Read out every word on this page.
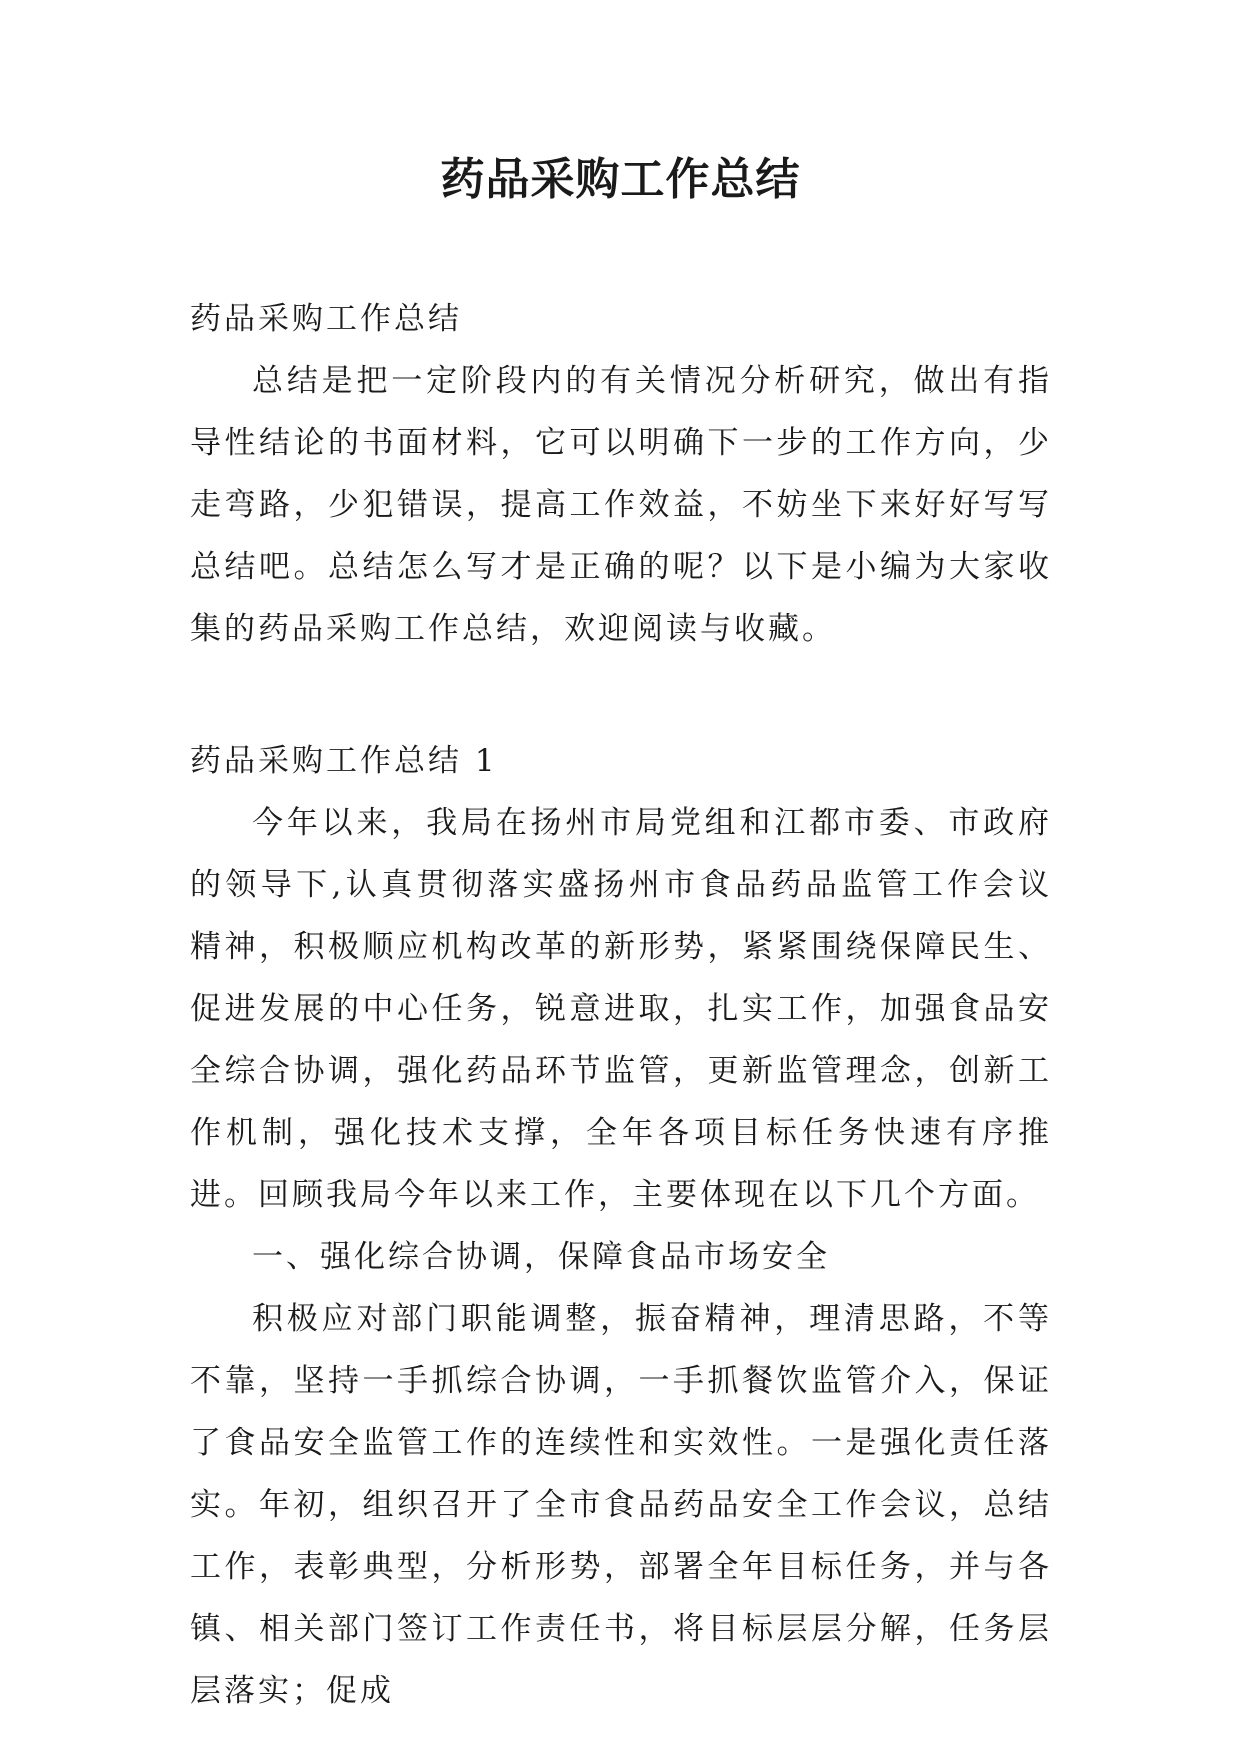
药品采购工作总结

药品采购工作总结

总结是把一定阶段内的有关情况分析研究，做出有指导性结论的书面材料，它可以明确下一步的工作方向，少走弯路，少犯错误，提高工作效益，不妨坐下来好好写写总结吧。总结怎么写才是正确的呢？以下是小编为大家收集的药品采购工作总结，欢迎阅读与收藏。

药品采购工作总结 1

今年以来，我局在扬州市局党组和江都市委、市政府的领导下,认真贯彻落实盛扬州市食品药品监管工作会议精神，积极顺应机构改革的新形势，紧紧围绕保障民生、促进发展的中心任务，锐意进取，扎实工作，加强食品安全综合协调，强化药品环节监管，更新监管理念，创新工作机制，强化技术支撑，全年各项目标任务快速有序推进。回顾我局今年以来工作，主要体现在以下几个方面。

一、强化综合协调，保障食品市场安全

积极应对部门职能调整，振奋精神，理清思路，不等不靠，坚持一手抓综合协调，一手抓餐饮监管介入，保证了食品安全监管工作的连续性和实效性。一是强化责任落实。年初，组织召开了全市食品药品安全工作会议，总结工作，表彰典型，分析形势，部署全年目标任务，并与各镇、相关部门签订工作责任书，将目标层层分解，任务层层落实；促成
